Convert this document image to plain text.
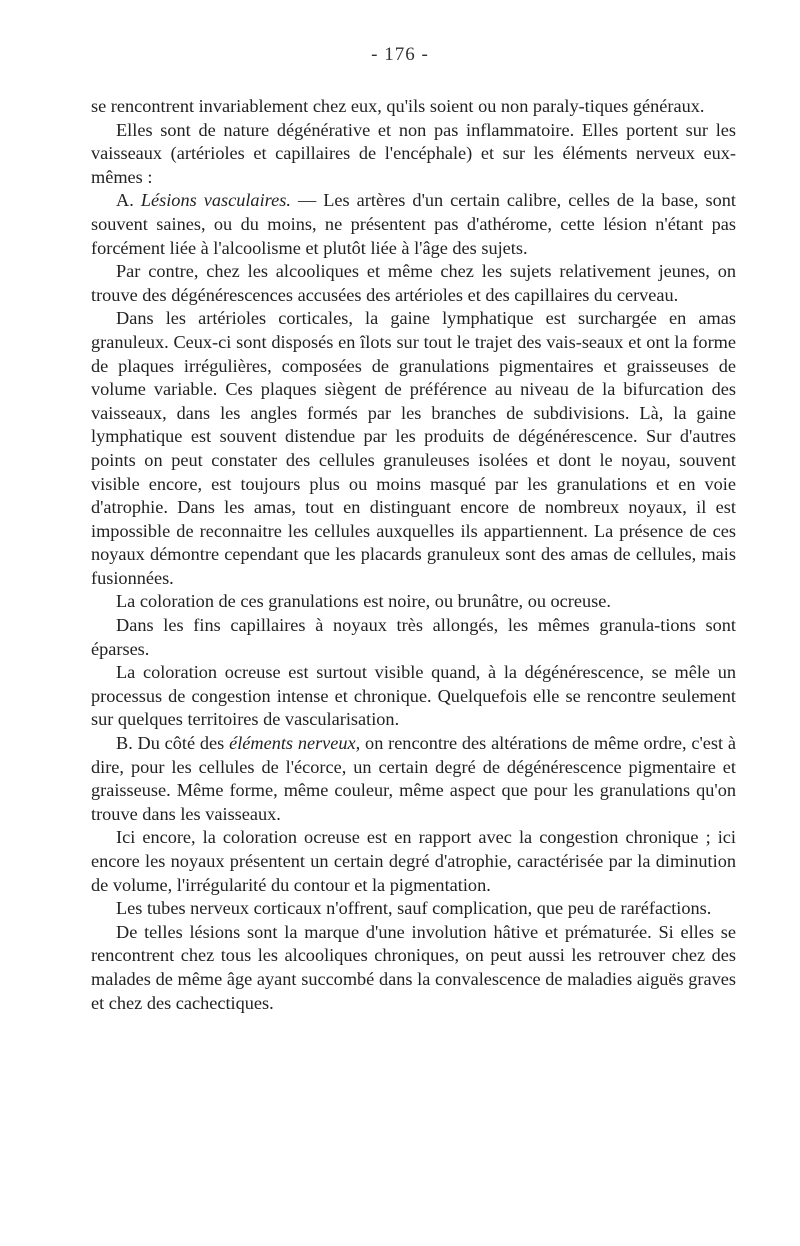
- 176 -

se rencontrent invariablement chez eux, qu'ils soient ou non paraly-tiques généraux.

Elles sont de nature dégénérative et non pas inflammatoire. Elles portent sur les vaisseaux (artérioles et capillaires de l'encéphale) et sur les éléments nerveux eux-mêmes :

A. Lésions vasculaires. — Les artères d'un certain calibre, celles de la base, sont souvent saines, ou du moins, ne présentent pas d'athérome, cette lésion n'étant pas forcément liée à l'alcoolisme et plutôt liée à l'âge des sujets.

Par contre, chez les alcooliques et même chez les sujets relativement jeunes, on trouve des dégénérescences accusées des artérioles et des capillaires du cerveau.

Dans les artérioles corticales, la gaine lymphatique est surchargée en amas granuleux. Ceux-ci sont disposés en îlots sur tout le trajet des vais-seaux et ont la forme de plaques irrégulières, composées de granulations pigmentaires et graisseuses de volume variable. Ces plaques siègent de préférence au niveau de la bifurcation des vaisseaux, dans les angles formés par les branches de subdivisions. Là, la gaine lymphatique est souvent distendue par les produits de dégénérescence. Sur d'autres points on peut constater des cellules granuleuses isolées et dont le noyau, souvent visible encore, est toujours plus ou moins masqué par les granulations et en voie d'atrophie. Dans les amas, tout en distinguant encore de nombreux noyaux, il est impossible de reconnaitre les cellules auxquelles ils appartiennent. La présence de ces noyaux démontre cependant que les placards granuleux sont des amas de cellules, mais fusionnées.

La coloration de ces granulations est noire, ou brunâtre, ou ocreuse.

Dans les fins capillaires à noyaux très allongés, les mêmes granula-tions sont éparses.

La coloration ocreuse est surtout visible quand, à la dégénérescence, se mêle un processus de congestion intense et chronique. Quelquefois elle se rencontre seulement sur quelques territoires de vascularisation.

B. Du côté des éléments nerveux, on rencontre des altérations de même ordre, c'est à dire, pour les cellules de l'écorce, un certain degré de dégénérescence pigmentaire et graisseuse. Même forme, même couleur, même aspect que pour les granulations qu'on trouve dans les vaisseaux.

Ici encore, la coloration ocreuse est en rapport avec la congestion chronique ; ici encore les noyaux présentent un certain degré d'atrophie, caractérisée par la diminution de volume, l'irrégularité du contour et la pigmentation.

Les tubes nerveux corticaux n'offrent, sauf complication, que peu de raréfactions.

De telles lésions sont la marque d'une involution hâtive et prématurée. Si elles se rencontrent chez tous les alcooliques chroniques, on peut aussi les retrouver chez des malades de même âge ayant succombé dans la convalescence de maladies aiguës graves et chez des cachectiques.
